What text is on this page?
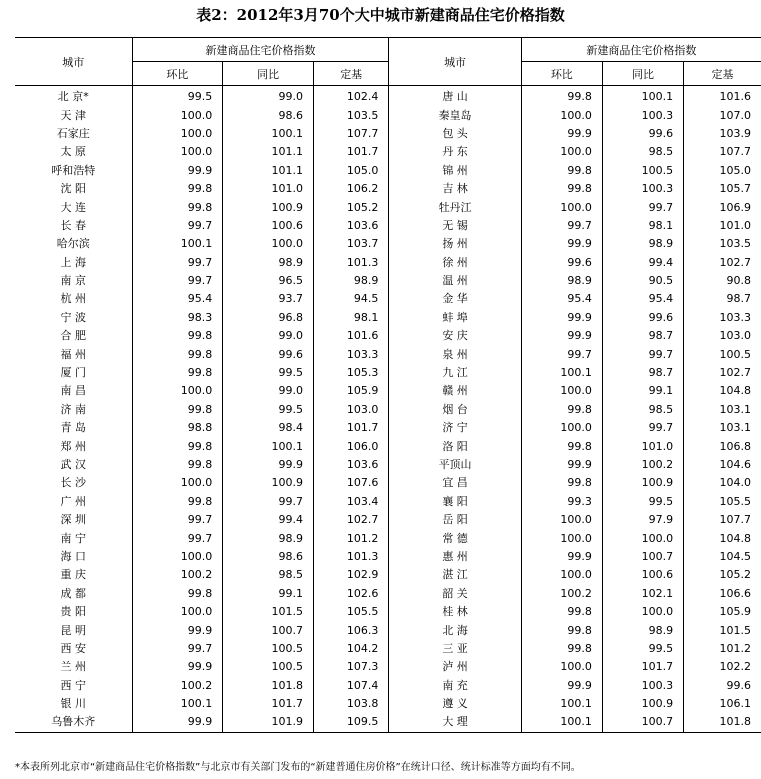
表2：2012年3月70个大中城市新建商品住宅价格指数
城市	新建商品住宅价格指数			城市	新建商品住宅价格指数		
	环比	同比	定基		环比	同比	定基
北 京*	99.5	99.0	102.4	唐 山	99.8	100.1	101.6
天 津	100.0	98.6	103.5	秦皇岛	100.0	100.3	107.0
石家庄	100.0	100.1	107.7	包 头	99.9	99.6	103.9
太 原	100.0	101.1	101.7	丹 东	100.0	98.5	107.7
呼和浩特	99.9	101.1	105.0	锦 州	99.8	100.5	105.0
沈 阳	99.8	101.0	106.2	吉 林	99.8	100.3	105.7
大 连	99.8	100.9	105.2	牡丹江	100.0	99.7	106.9
长 春	99.7	100.6	103.6	无 锡	99.7	98.1	101.0
哈尔滨	100.1	100.0	103.7	扬 州	99.9	98.9	103.5
上 海	99.7	98.9	101.3	徐 州	99.6	99.4	102.7
南 京	99.7	96.5	98.9	温 州	98.9	90.5	90.8
杭 州	95.4	93.7	94.5	金 华	95.4	95.4	98.7
宁 波	98.3	96.8	98.1	蚌 埠	99.9	99.6	103.3
合 肥	99.8	99.0	101.6	安 庆	99.9	98.7	103.0
福 州	99.8	99.6	103.3	泉 州	99.7	99.7	100.5
厦 门	99.8	99.5	105.3	九 江	100.1	98.7	102.7
南 昌	100.0	99.0	105.9	赣 州	100.0	99.1	104.8
济 南	99.8	99.5	103.0	烟 台	99.8	98.5	103.1
青 岛	98.8	98.4	101.7	济 宁	100.0	99.7	103.1
郑 州	99.8	100.1	106.0	洛 阳	99.8	101.0	106.8
武 汉	99.8	99.9	103.6	平顶山	99.9	100.2	104.6
长 沙	100.0	100.9	107.6	宜 昌	99.8	100.9	104.0
广 州	99.8	99.7	103.4	襄 阳	99.3	99.5	105.5
深 圳	99.7	99.4	102.7	岳 阳	100.0	97.9	107.7
南 宁	99.7	98.9	101.2	常 德	100.0	100.0	104.8
海 口	100.0	98.6	101.3	惠 州	99.9	100.7	104.5
重 庆	100.2	98.5	102.9	湛 江	100.0	100.6	105.2
成 都	99.8	99.1	102.6	韶 关	100.2	102.1	106.6
贵 阳	100.0	101.5	105.5	桂 林	99.8	100.0	105.9
昆 明	99.9	100.7	106.3	北 海	99.8	98.9	101.5
西 安	99.7	100.5	104.2	三 亚	99.8	99.5	101.2
兰 州	99.9	100.5	107.3	泸 州	100.0	101.7	102.2
西 宁	100.2	101.8	107.4	南 充	99.9	100.3	99.6
银 川	100.1	101.7	103.8	遵 义	100.1	100.9	106.1
乌鲁木齐	99.9	101.9	109.5	大 理	100.1	100.7	101.8
*本表所列北京市“新建商品住宅价格指数”与北京市有关部门发布的“新建普通住房价格”在统计口径、统计标准等方面均有不同。
